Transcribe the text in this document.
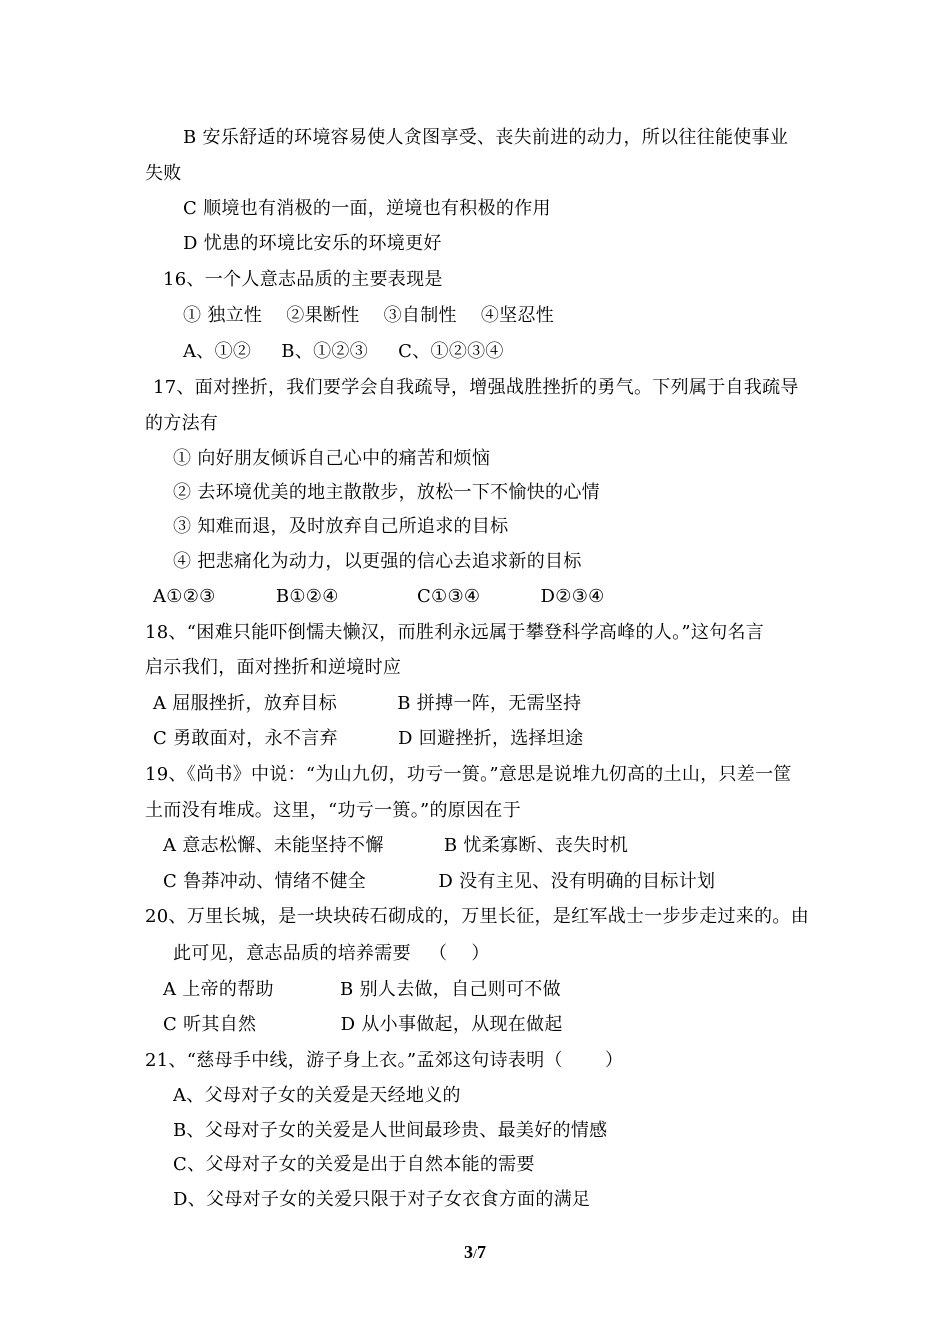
B 安乐舒适的环境容易使人贪图享受、丧失前进的动力，所以往往能使事业
失败
C 顺境也有消极的一面，逆境也有积极的作用
D 忧患的环境比安乐的环境更好
16、一个人意志品质的主要表现是
① 独立性    ②果断性    ③自制性    ④坚忍性
A、①②     B、①②③     C、①②③④
17、面对挫折，我们要学会自我疏导，增强战胜挫折的勇气。下列属于自我疏导
的方法有
① 向好朋友倾诉自己心中的痛苦和烦恼
② 去环境优美的地主散散步，放松一下不愉快的心情
③ 知难而退，及时放弃自己所追求的目标
④ 把悲痛化为动力，以更强的信心去追求新的目标
A①②③          B①②④             C①③④          D②③④
18、“困难只能吓倒懦夫懒汉，而胜利永远属于攀登科学高峰的人。”这句名言
启示我们，面对挫折和逆境时应
A 屈服挫折，放弃目标          B 拼搏一阵，无需坚持
C 勇敢面对，永不言弃          D 回避挫折，选择坦途
19、《尚书》中说：“为山九仞，功亏一篑。”意思是说堆九仞高的土山，只差一筐
土而没有堆成。这里，“功亏一篑。”的原因在于
A 意志松懈、未能坚持不懈          B 忧柔寡断、丧失时机
C 鲁莽冲动、情绪不健全            D 没有主见、没有明确的目标计划
20、万里长城，是一块块砖石砌成的，万里长征，是红军战士一步步走过来的。由
此可见，意志品质的培养需要   （    ）
A 上帝的帮助           B 别人去做，自己则可不做
C 听其自然              D 从小事做起，从现在做起
21、“慈母手中线，游子身上衣。”孟郊这句诗表明（       ）
A、父母对子女的关爱是天经地义的
B、父母对子女的关爱是人世间最珍贵、最美好的情感
C、父母对子女的关爱是出于自然本能的需要
D、父母对子女的关爱只限于对子女衣食方面的满足
3/7
